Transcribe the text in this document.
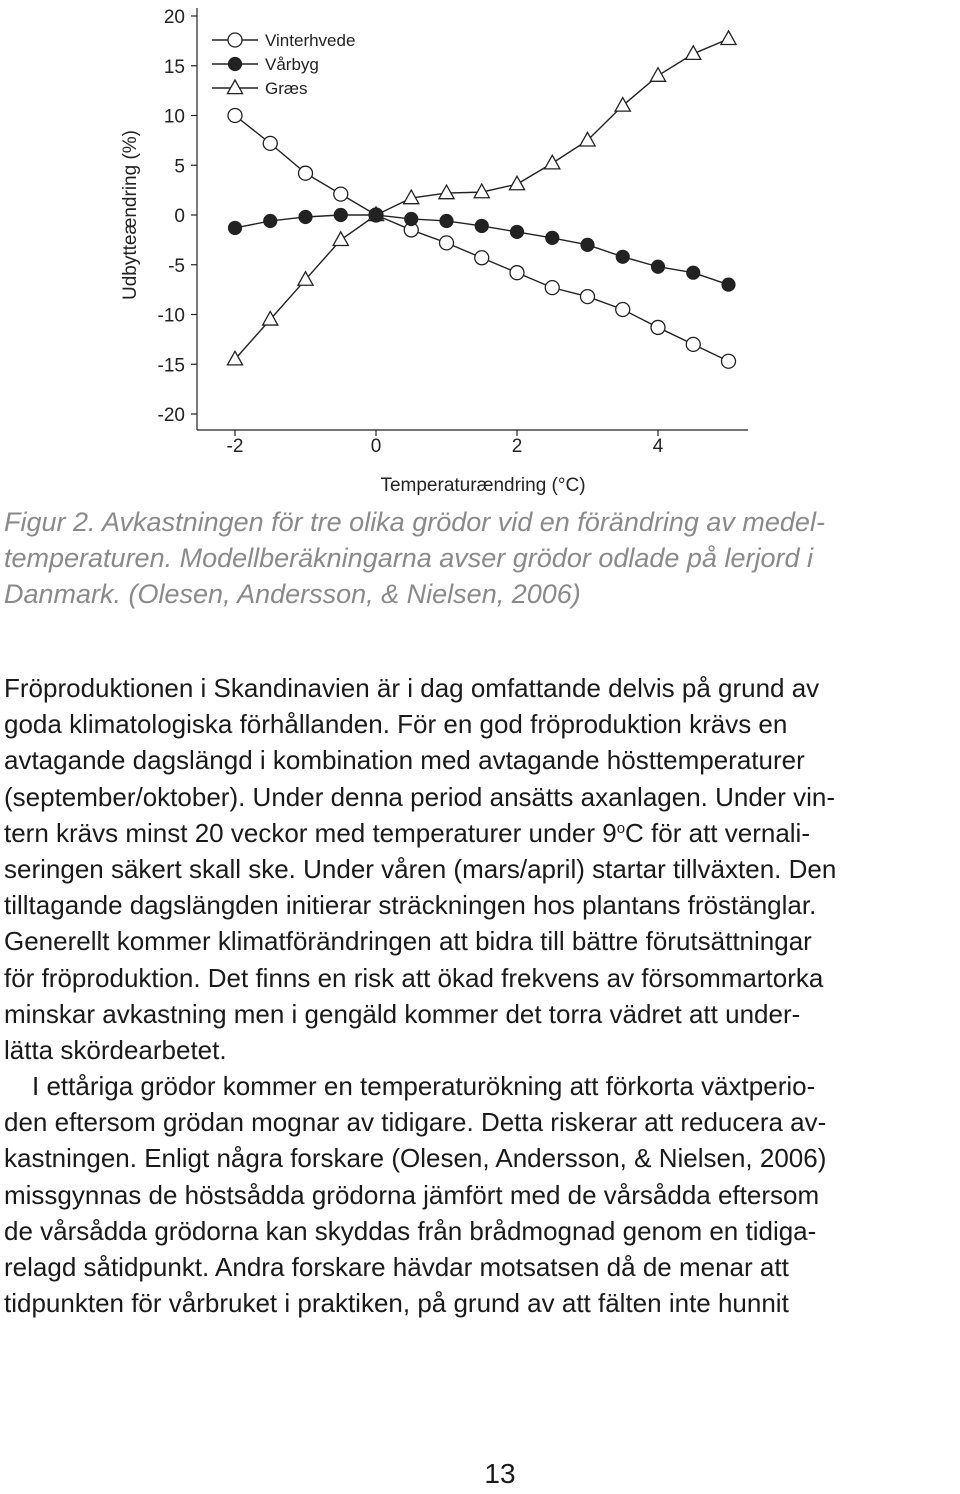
20
15
10
5
0
-5
-10
-15
-20
-2	0	2	4
Temperaturændring (°C)
Udbytteændring (%)
Vinterhvede
Vårbyg
Græs
Figur 2. Avkastningen för tre olika grödor vid en förändring av medel-
temperaturen. Modellberäkningarna avser grödor odlade på lerjord i
Danmark. (Olesen, Andersson, & Nielsen, 2006)
Fröproduktionen i Skandinavien är i dag omfattande delvis på grund av
goda klimatologiska förhållanden. För en god fröproduktion krävs en
avtagande dagslängd i kombination med avtagande hösttemperaturer
(september/oktober). Under denna period ansätts axanlagen. Under vin-
tern krävs minst 20 veckor med temperaturer under 9$^o$C för att vernali-
seringen säkert skall ske. Under våren (mars/april) startar tillväxten. Den
tilltagande dagslängden initierar sträckningen hos plantans fröstänglar.
Generellt kommer klimatförändringen att bidra till bättre förutsättningar
för fröproduktion. Det finns en risk att ökad frekvens av försommartorka
minskar avkastning men i gengäld kommer det torra vädret att under-
lätta skördearbetet.
I ettåriga grödor kommer en temperaturökning att förkorta växtperio-
den eftersom grödan mognar av tidigare. Detta riskerar att reducera av-
kastningen. Enligt några forskare (Olesen, Andersson, & Nielsen, 2006)
missgynnas de höstsådda grödorna jämfört med de vårsådda eftersom
de vårsådda grödorna kan skyddas från brådmognad genom en tidiga-
relagd såtidpunkt. Andra forskare hävdar motsatsen då de menar att
tidpunkten för vårbruket i praktiken, på grund av att fälten inte hunnit
13
